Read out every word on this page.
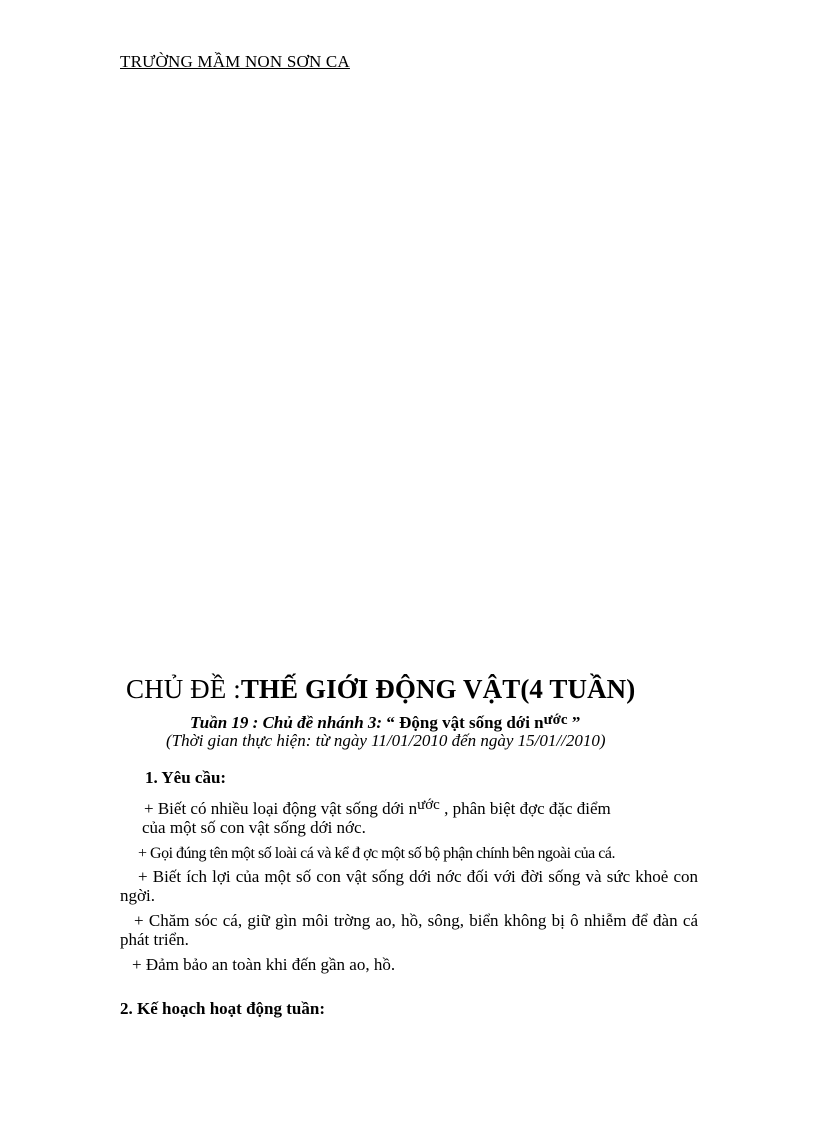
TRƯỜNG MẦM NON SƠN CA
CHỦ ĐỀ :THẾ GIỚI ĐỘNG VẬT(4 TUẦN)
Tuần 19 : Chủ đề nhánh 3: “ Động vật sống dới nước ”
(Thời gian thực hiện: từ ngày 11/01/2010 đến ngày 15/01//2010)
1. Yêu cầu:
+ Biết có nhiều loại động vật sống dới nước , phân biệt đợc đặc điểm
của một số con vật sống dới nớc.
+ Gọi đúng tên một số loài cá và kể đ ợc một số bộ phận chính bên ngoài của cá.
+ Biết ích lợi của một số con vật sống dới nớc đối với đời sống và sức khoẻ con ngời.
+ Chăm sóc cá, giữ gìn môi trờng ao, hồ, sông, biển không bị ô nhiễm để đàn cá phát triển.
+ Đảm bảo an toàn khi đến gần ao, hồ.
2. Kế hoạch hoạt động tuần:
